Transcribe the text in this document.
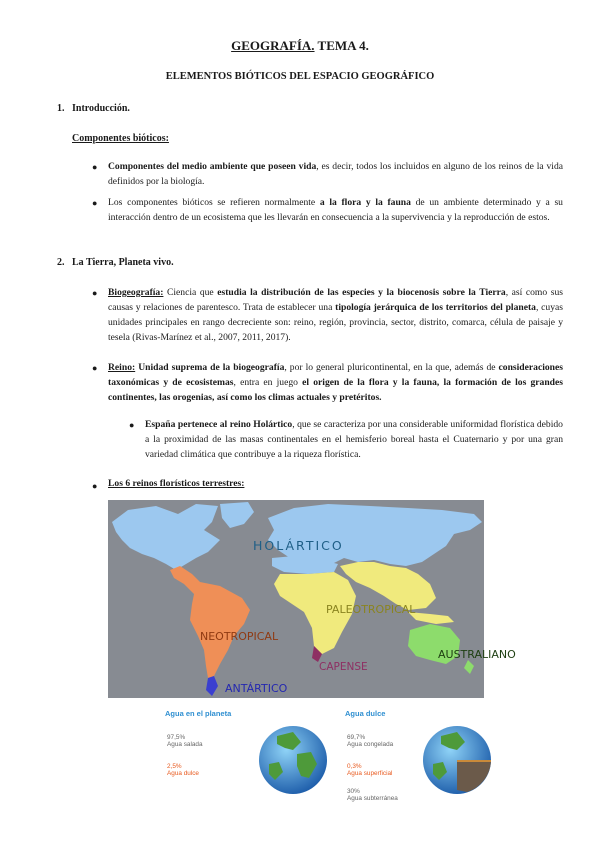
GEOGRAFÍA. TEMA 4.
ELEMENTOS BIÓTICOS DEL ESPACIO GEOGRÁFICO
1. Introducción.
Componentes bióticos:
● Componentes del medio ambiente que poseen vida, es decir, todos los incluidos en alguno de los reinos de la vida definidos por la biología.
● Los componentes bióticos se refieren normalmente a la flora y la fauna de un ambiente determinado y a su interacción dentro de un ecosistema que les llevarán en consecuencia a la supervivencia y la reproducción de estos.
2. La Tierra, Planeta vivo.
● Biogeografía: Ciencia que estudia la distribución de las especies y la biocenosis sobre la Tierra, así como sus causas y relaciones de parentesco. Trata de establecer una tipología jerárquica de los territorios del planeta, cuyas unidades principales en rango decreciente son: reino, región, provincia, sector, distrito, comarca, célula de paisaje y tesela (Rivas-Marínez et al., 2007, 2011, 2017).
● Reino: Unidad suprema de la biogeografía, por lo general pluricontinental, en la que, además de consideraciones taxonómicas y de ecosistemas, entra en juego el origen de la flora y la fauna, la formación de los grandes continentes, las orogenias, así como los climas actuales y pretéritos.
● España pertenece al reino Holártico, que se caracteriza por una considerable uniformidad florística debido a la proximidad de las masas continentales en el hemisferio boreal hasta el Cuaternario y por una gran variedad climática que contribuye a la riqueza florística.
● Los 6 reinos florísticos terrestres:
HOLÁRTICO
PALEOTROPICAL
NEOTROPICAL
CAPENSE
AUSTRALIANO
ANTÁRTICO
Agua en el planeta
97,5%
Agua salada
2,5%
Agua dulce
Agua dulce
69,7%
Agua congelada
0,3%
Agua superficial
30%
Agua subterránea
